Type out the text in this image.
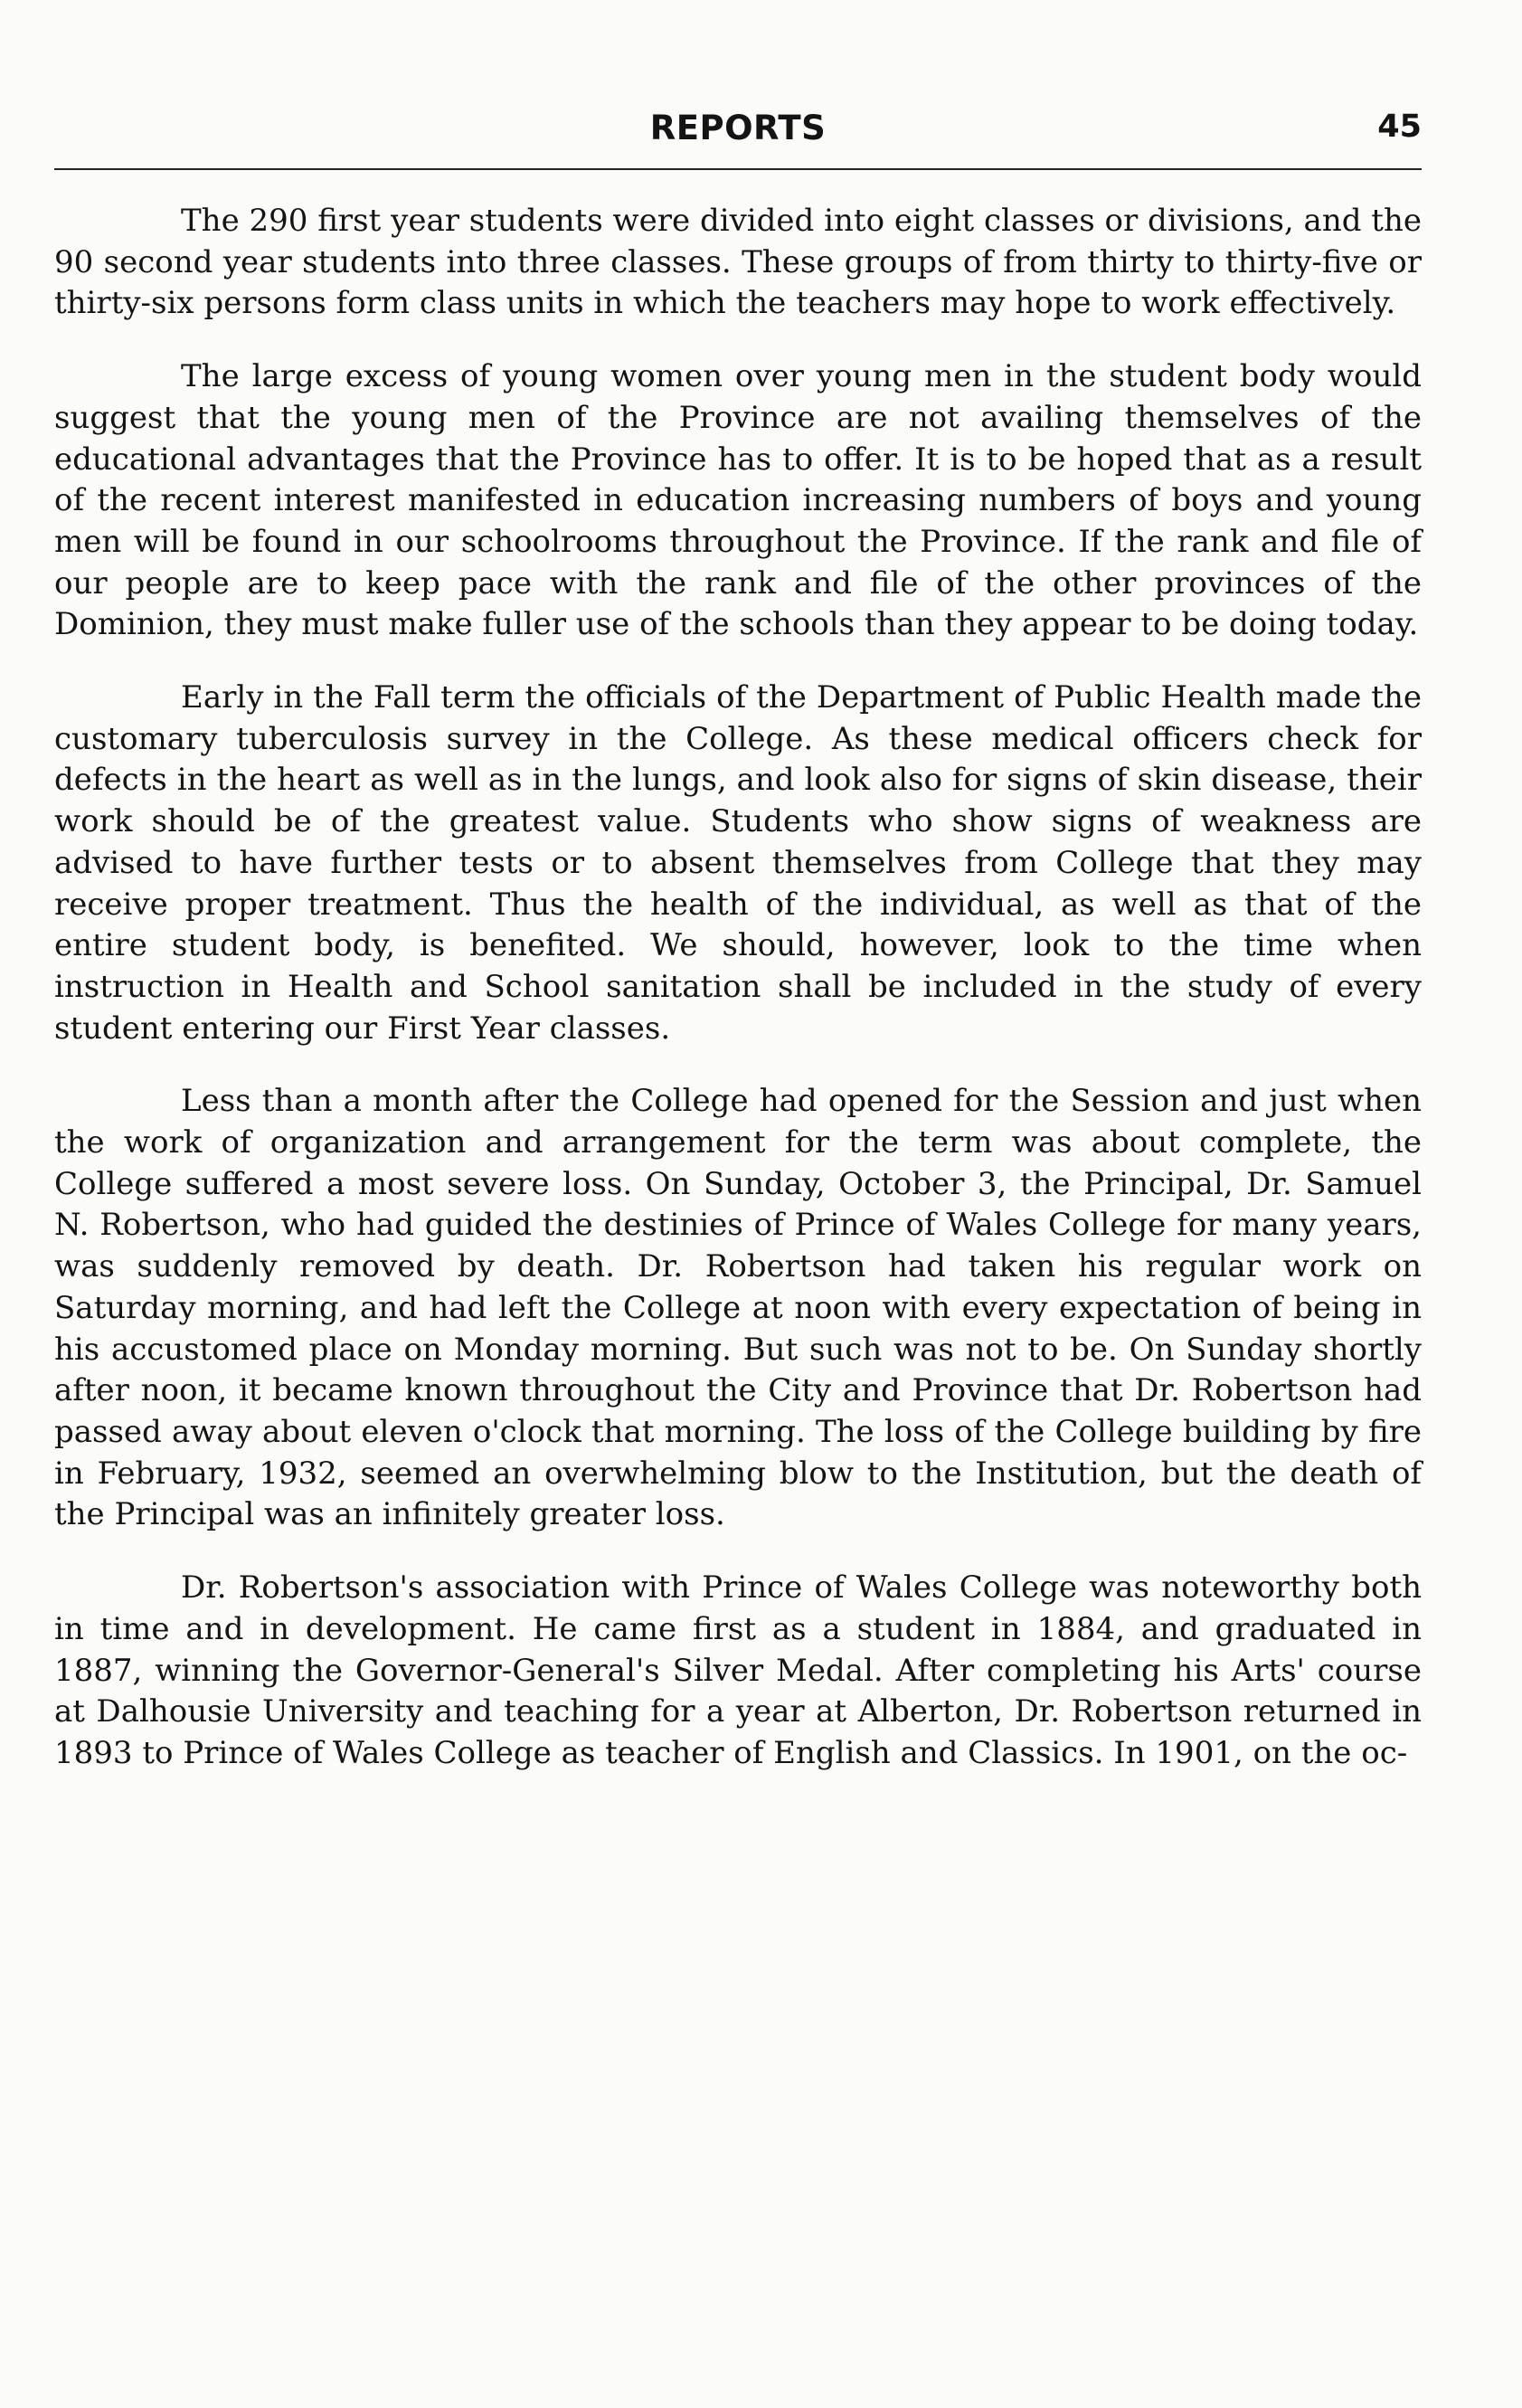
REPORTS	45

The 290 first year students were divided into eight classes or divisions, and the 90 second year students into three classes. These groups of from thirty to thirty-five or thirty-six persons form class units in which the teachers may hope to work effectively.

The large excess of young women over young men in the student body would suggest that the young men of the Province are not availing themselves of the educational advantages that the Province has to offer. It is to be hoped that as a result of the recent interest manifested in education increasing numbers of boys and young men will be found in our schoolrooms throughout the Province. If the rank and file of our people are to keep pace with the rank and file of the other provinces of the Dominion, they must make fuller use of the schools than they appear to be doing today.

Early in the Fall term the officials of the Department of Public Health made the customary tuberculosis survey in the College. As these medical officers check for defects in the heart as well as in the lungs, and look also for signs of skin disease, their work should be of the greatest value. Students who show signs of weakness are advised to have further tests or to absent themselves from College that they may receive proper treatment. Thus the health of the individual, as well as that of the entire student body, is benefited. We should, however, look to the time when instruction in Health and School sanitation shall be included in the study of every student entering our First Year classes.

Less than a month after the College had opened for the Session and just when the work of organization and arrangement for the term was about complete, the College suffered a most severe loss. On Sunday, October 3, the Principal, Dr. Samuel N. Robertson, who had guided the destinies of Prince of Wales College for many years, was suddenly removed by death. Dr. Robertson had taken his regular work on Saturday morning, and had left the College at noon with every expectation of being in his accustomed place on Monday morning. But such was not to be. On Sunday shortly after noon, it became known throughout the City and Province that Dr. Robertson had passed away about eleven o'clock that morning. The loss of the College building by fire in February, 1932, seemed an overwhelming blow to the Institution, but the death of the Principal was an infinitely greater loss.

Dr. Robertson's association with Prince of Wales College was noteworthy both in time and in development. He came first as a student in 1884, and graduated in 1887, winning the Governor-General's Silver Medal. After completing his Arts' course at Dalhousie University and teaching for a year at Alberton, Dr. Robertson returned in 1893 to Prince of Wales College as teacher of English and Classics. In 1901, on the oc-
